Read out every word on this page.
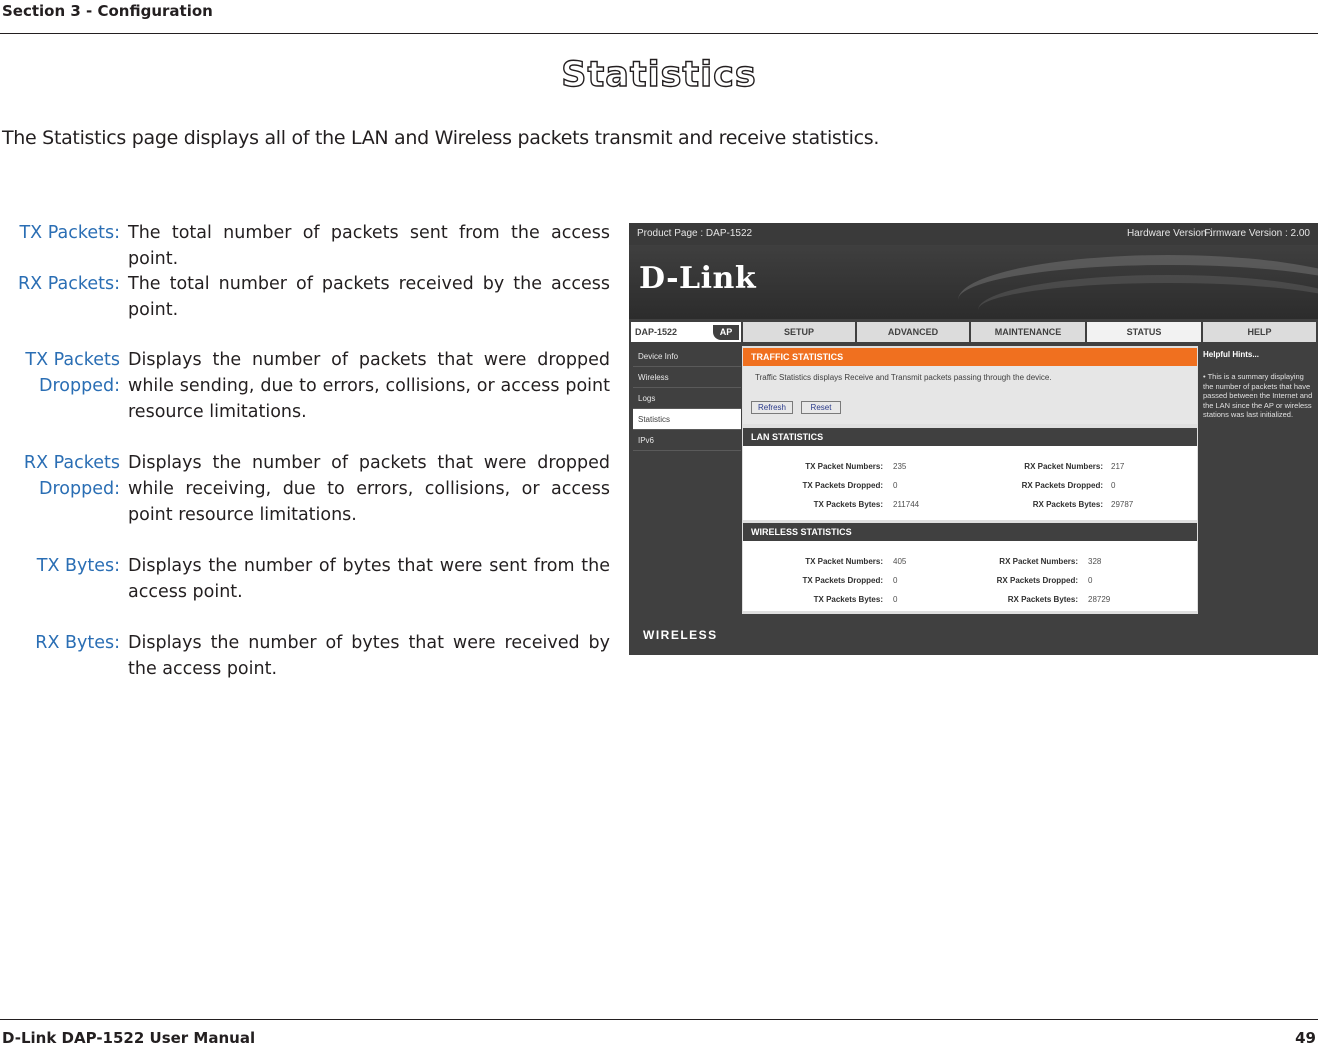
Section 3 - Configuration
Statistics
The Statistics page displays all of the LAN and Wireless packets transmit and receive statistics.
TX Packets: The total number of packets sent from the access point.
RX Packets: The total number of packets received by the access point.
TX Packets Dropped:
Displays the number of packets that were dropped while sending, due to errors, collisions, or access point resource limitations.
RX Packets Dropped:
Displays the number of packets that were dropped while receiving, due to errors, collisions, or access point resource limitations.
TX Bytes: Displays the number of bytes that were sent from the access point.
RX Bytes: Displays the number of bytes that were received by the access point.
Product Page : DAP-1522	Hardware Version :
Firmware Version : 2.00
D-Link
DAP-1522	AP	SETUP	ADVANCED	MAINTENANCE	STATUS	HELP
Device Info
Wireless
Logs
Statistics
IPv6
TRAFFIC STATISTICS
Traffic Statistics displays Receive and Transmit packets passing through the device.
Refresh	Reset
LAN STATISTICS
TX Packet Numbers: 235
TX Packets Dropped: 0
TX Packets Bytes: 211744
RX Packet Numbers: 217
RX Packets Dropped: 0
RX Packets Bytes: 29787
WIRELESS STATISTICS
TX Packet Numbers: 405
TX Packets Dropped: 0
TX Packets Bytes: 0
RX Packet Numbers: 328
RX Packets Dropped: 0
RX Packets Bytes: 28729
Helpful Hints...
• This is a summary displaying the number of packets that have passed between the Internet and the LAN since the AP or wireless stations was last initialized.
WIRELESS
D-Link DAP-1522 User Manual	49
